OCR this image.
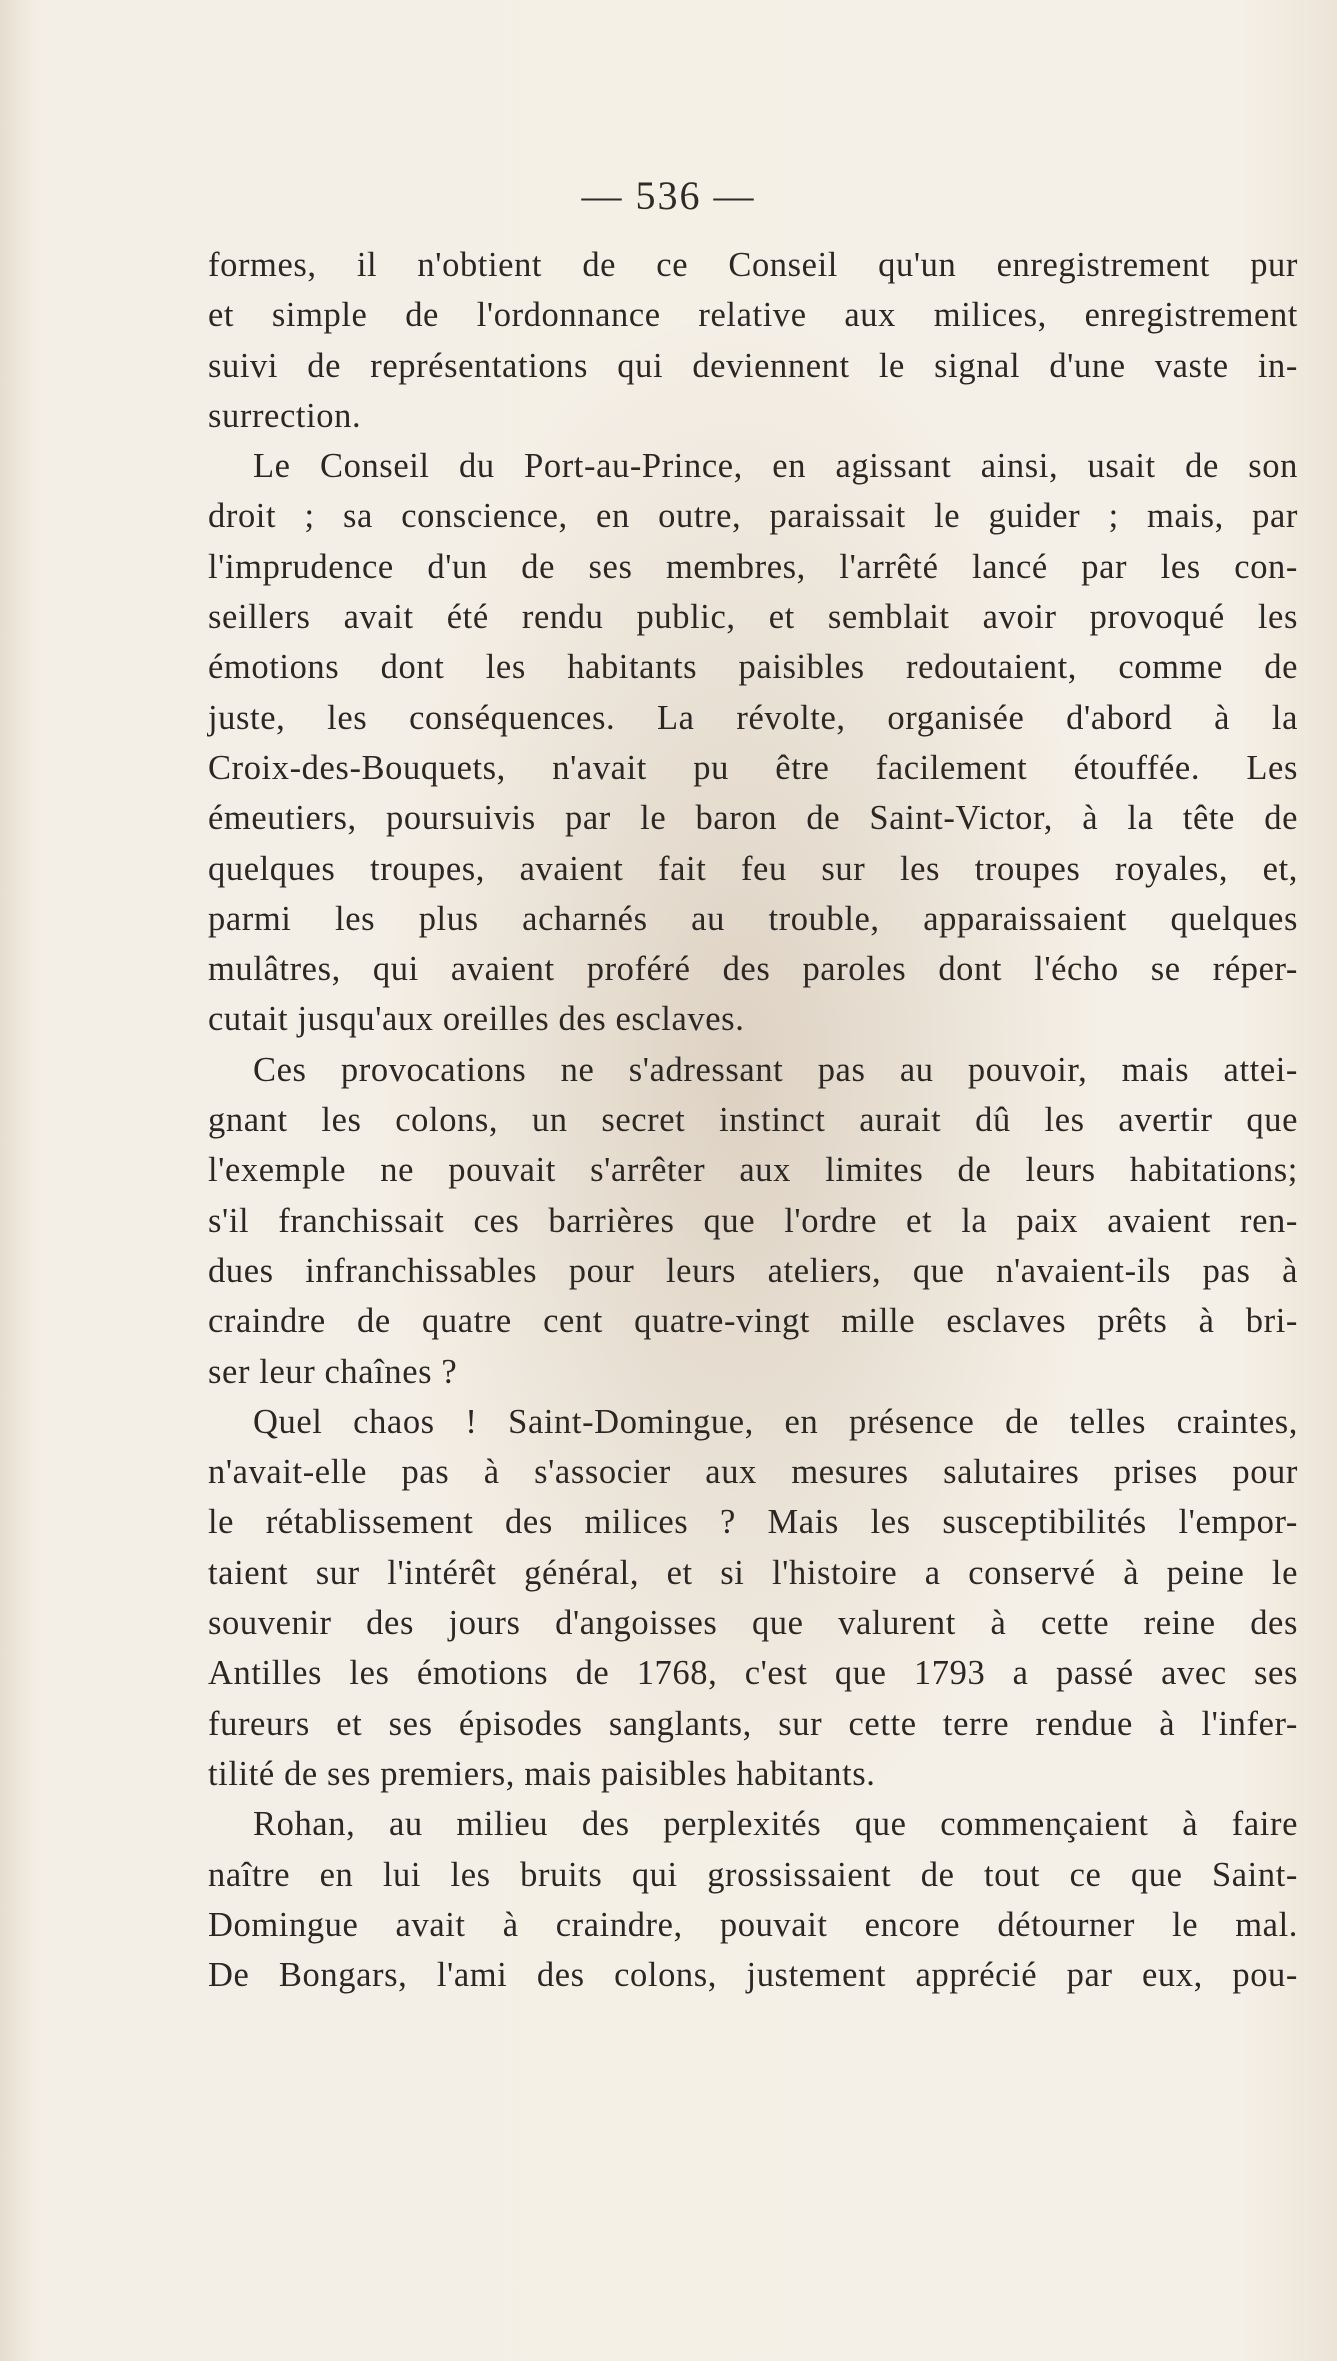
— 536 —
formes, il n'obtient de ce Conseil qu'un enregistrement pur
et simple de l'ordonnance relative aux milices, enregistrement
suivi de représentations qui deviennent le signal d'une vaste in-
surrection.
Le Conseil du Port-au-Prince, en agissant ainsi, usait de son
droit ; sa conscience, en outre, paraissait le guider ; mais, par
l'imprudence d'un de ses membres, l'arrêté lancé par les con-
seillers avait été rendu public, et semblait avoir provoqué les
émotions dont les habitants paisibles redoutaient, comme de
juste, les conséquences. La révolte, organisée d'abord à la
Croix-des-Bouquets, n'avait pu être facilement étouffée. Les
émeutiers, poursuivis par le baron de Saint-Victor, à la tête de
quelques troupes, avaient fait feu sur les troupes royales, et,
parmi les plus acharnés au trouble, apparaissaient quelques
mulâtres, qui avaient proféré des paroles dont l'écho se réper-
cutait jusqu'aux oreilles des esclaves.
Ces provocations ne s'adressant pas au pouvoir, mais attei-
gnant les colons, un secret instinct aurait dû les avertir que
l'exemple ne pouvait s'arrêter aux limites de leurs habitations;
s'il franchissait ces barrières que l'ordre et la paix avaient ren-
dues infranchissables pour leurs ateliers, que n'avaient-ils pas à
craindre de quatre cent quatre-vingt mille esclaves prêts à bri-
ser leur chaînes ?
Quel chaos ! Saint-Domingue, en présence de telles craintes,
n'avait-elle pas à s'associer aux mesures salutaires prises pour
le rétablissement des milices ? Mais les susceptibilités l'empor-
taient sur l'intérêt général, et si l'histoire a conservé à peine le
souvenir des jours d'angoisses que valurent à cette reine des
Antilles les émotions de 1768, c'est que 1793 a passé avec ses
fureurs et ses épisodes sanglants, sur cette terre rendue à l'infer-
tilité de ses premiers, mais paisibles habitants.
Rohan, au milieu des perplexités que commençaient à faire
naître en lui les bruits qui grossissaient de tout ce que Saint-
Domingue avait à craindre, pouvait encore détourner le mal.
De Bongars, l'ami des colons, justement apprécié par eux, pou-
